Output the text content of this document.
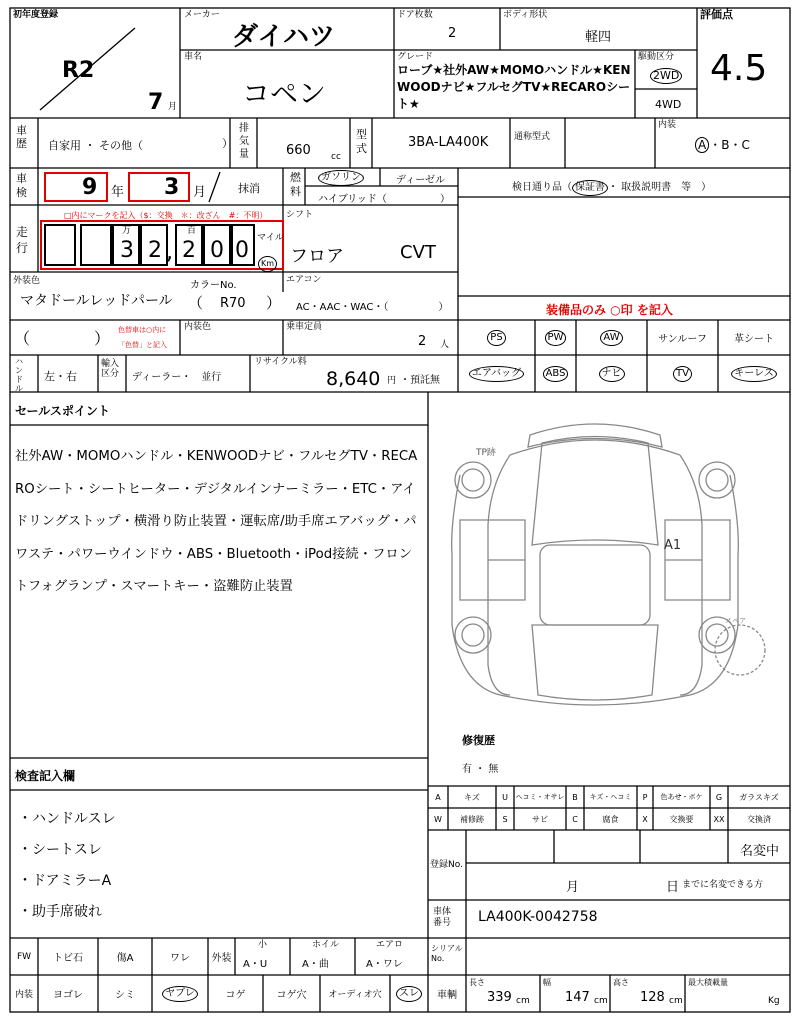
初年度登録
R2
7 月
メーカー
ダイハツ
ドア枚数
2
ボディ形状
軽四
評価点
4.5
車名
コペン
グレード
ローブ★社外AW★MOMOハンドル★KENWOODナビ★フルセグTV★RECAROシート★
駆動区分
2WD
4WD
車歴 自家用 ・ その他（	）
排気量	660 cc
型式	3BA-LA400K	通称型式
内装
A ・B・C
車検	9 年 3 月	抹消
燃料
ガソリン	ディーゼル
ハイブリッド（	）
検日通り品（ 保証書 ・ 取扱説明書　等　）
走行
□内にマークを記入（$：交換　＊：改ざん　#：不明）
万	百
3 2 , 2 0 0 マイル
Km
シフト
フロア	CVT
エアコン
AC・AAC・WAC・（　　　　　）
外装色
マタドールレッドパール
カラーNo.
（ R70 ）
（	） 色替車は○内に
「色替」と記入
内装色	乗車定員
2 人
装備品のみ ○印 を記入
PS	PW	AW	サンルーフ	革シート
エアバッグ	ABS	ナビ	TV	キーレス
ハンドル
左・右
輸入区分	ディーラー・　並行
リサイクル料
8,640 円 ・預託無
セールスポイント
社外AW・MOMOハンドル・KENWOODナビ・フルセグTV・RECAROシート・シートヒーター・デジタルインナーミラー・ETC・アイドリングストップ・横滑り防止装置・運転席/助手席エアバッグ・パワステ・パワーウインドウ・ABS・Bluetooth・iPod接続・フロントフォグランプ・スマートキー・盗難防止装置
TP跡
A1
スペア
修復歴
有 ・ 無
検査記入欄
・ハンドルスレ
・シートスレ
・ドアミラーA
・助手席破れ
A	キズ	U	ヘコミ・オサレ B	キズ・ヘコミ	P	色あせ・ボケ	G	ガラスキズ
W	補修跡	S	サビ	C	腐食	X	交換要	XX	交換済
登録No.
名変中
月	日 までに名変できる方
車体番号	LA400K-0042758
FW	トビ石	傷A	ワレ	外装
小
A・U
ホイル
A・曲
エアロ
A・ワレ
シリアルNo.
内装	ヨゴレ	シミ	ヤブレ	コゲ	コゲ穴	オーディオ穴	スレ	車輌
長さ
339 cm
幅
147 cm
高さ
128 cm
最大積載量
Kg
